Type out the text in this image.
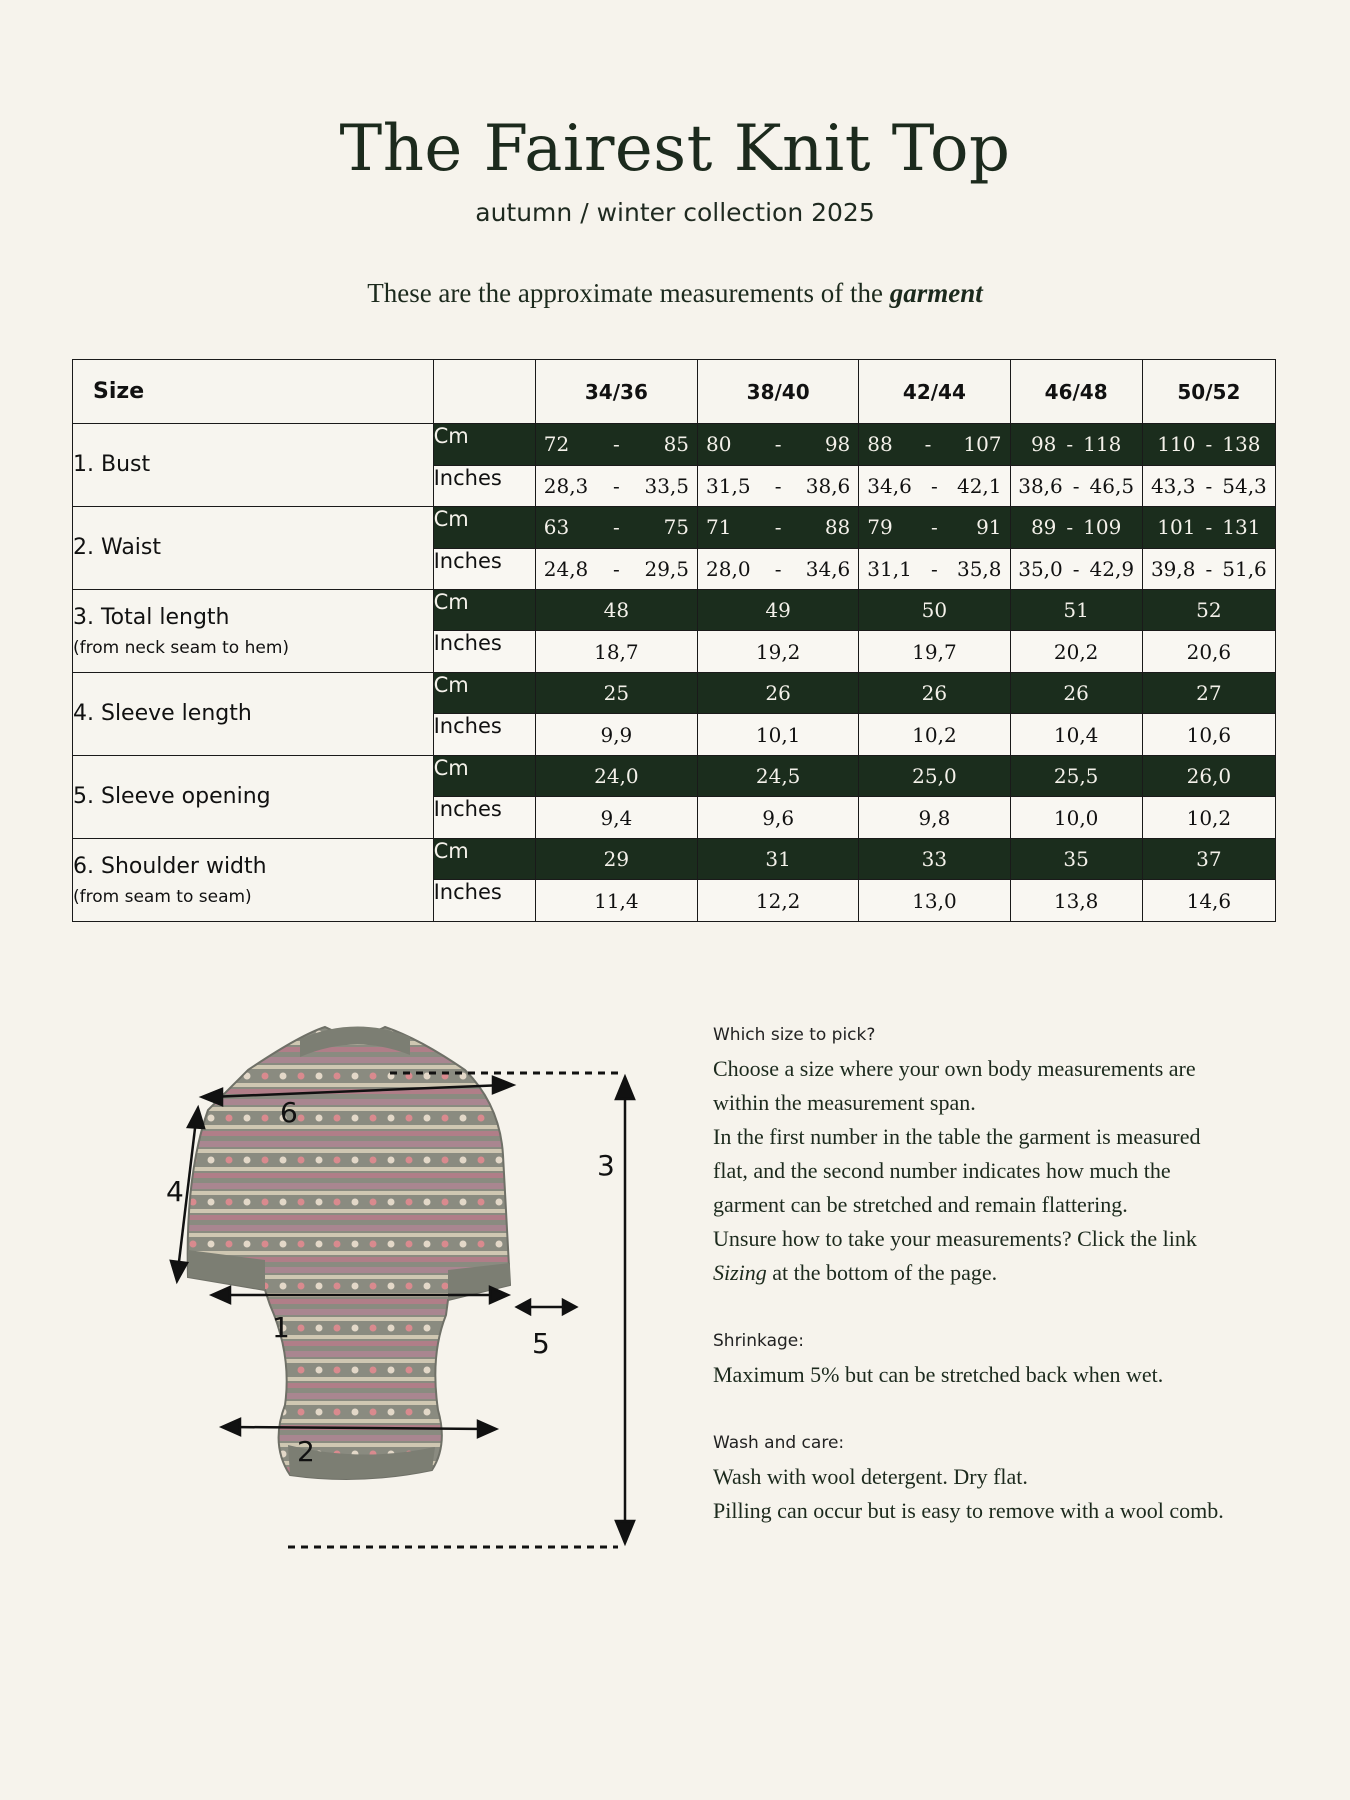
The Fairest Knit Top
autumn / winter collection 2025
These are the approximate measurements of the garment
Size		34/36	38/40	42/44	46/48	50/52
1. Bust	Cm	72 - 85	80 - 98	88 - 107	98 - 118	110 - 138

	Inches	28,3 - 33,5	31,5 - 38,6	34,6 - 42,1	38,6 - 46,5	43,3 - 54,3

2. Waist	Cm	63 - 75	71 - 88	79 - 91	89 - 109	101 - 131

	Inches	24,8 - 29,5	28,0 - 34,6	31,1 - 35,8	35,0 - 42,9	39,8 - 51,6

3. Total length
(from neck seam to hem)	Cm	48	49	50	51	52
	Inches	18,7	19,2	19,7	20,2	20,6
4. Sleeve length	Cm	25	26	26	26	27
	Inches	9,9	10,1	10,2	10,4	10,6
5. Sleeve opening	Cm	24,0	24,5	25,0	25,5	26,0
	Inches	9,4	9,6	9,8	10,0	10,2
6. Shoulder width
(from seam to seam)	Cm	29	31	33	35	37
	Inches	11,4	12,2	13,0	13,8	14,6
1
2
3
4
5
6

Which size to pick?

Choose a size where your own body measurements are

within the measurement span.

In the first number in the table the garment is measured

flat, and the second number indicates how much the

garment can be stretched and remain flattering.

Unsure how to take your measurements? Click the link

Sizing at the bottom of the page.

Shrinkage:

Maximum 5% but can be stretched back when wet.

Wash and care:

Wash with wool detergent. Dry flat.

Pilling can occur but is easy to remove with a wool comb.
